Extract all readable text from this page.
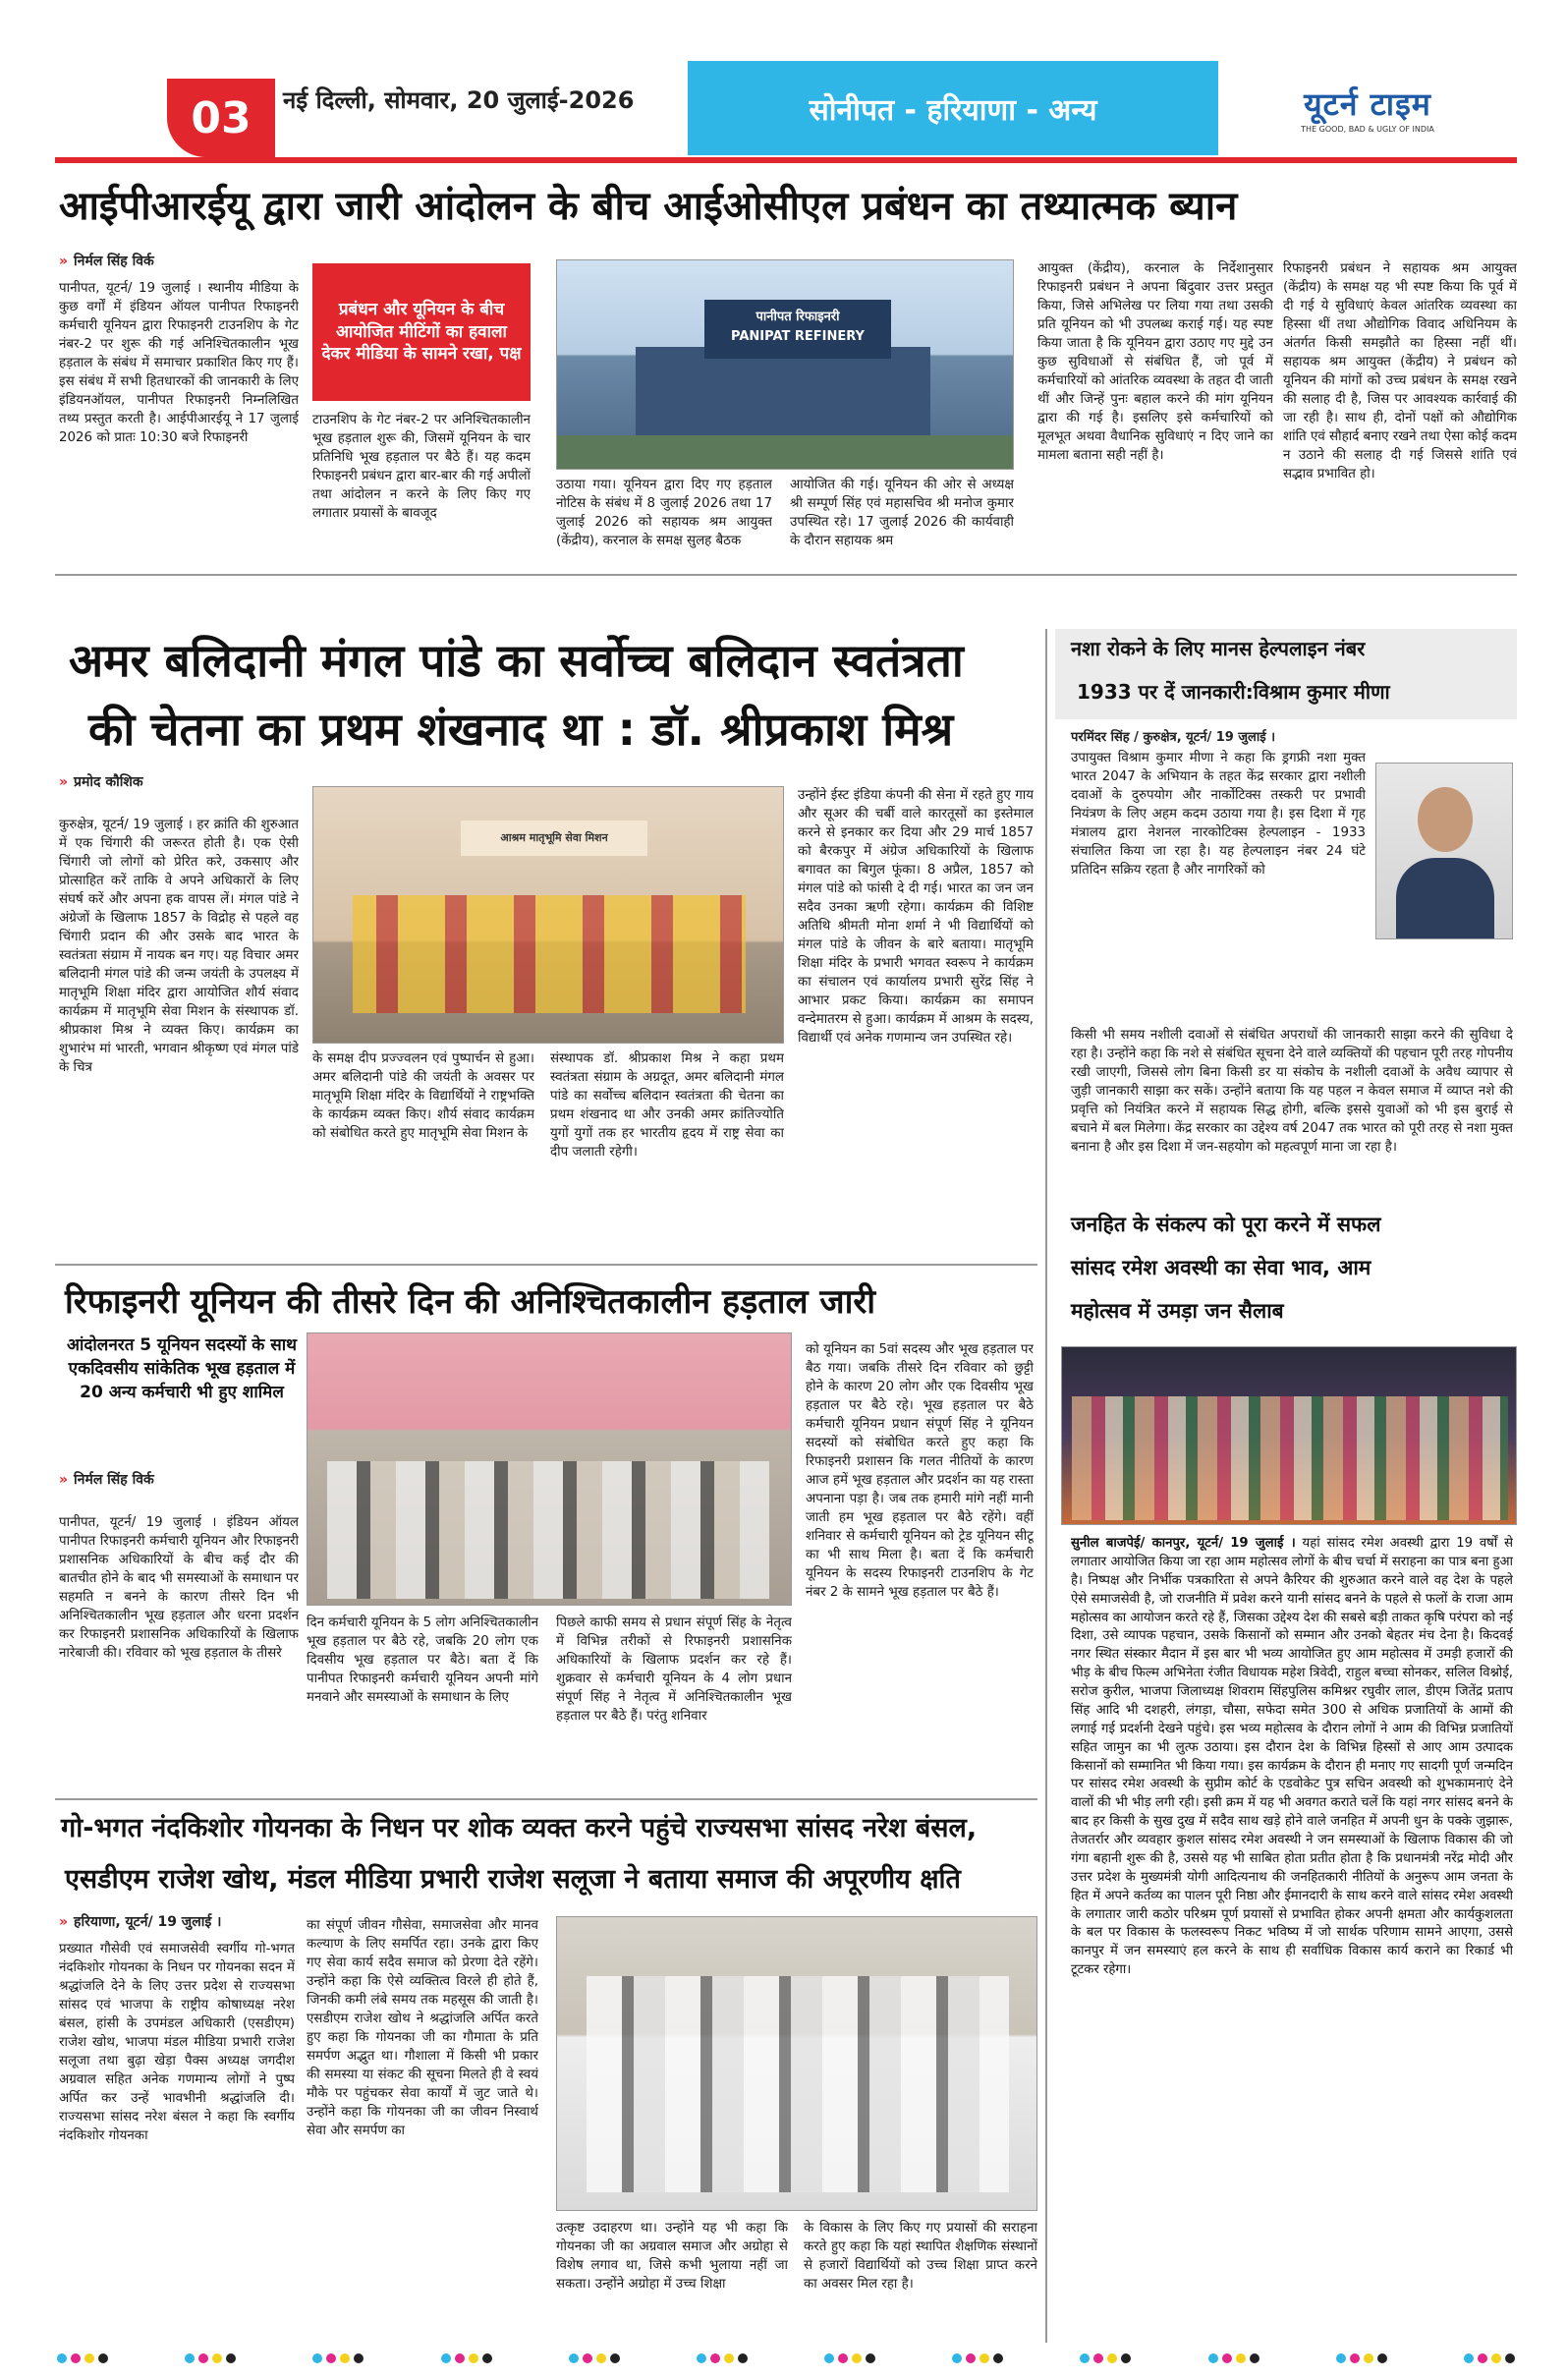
03	नई दिल्ली, सोमवार, 20 जुलाई-2026	सोनीपत - हरियाणा - अन्य	यूटर्न टाइम
THE GOOD, BAD & UGLY OF INDIA
आईपीआरईयू द्वारा जारी आंदोलन के बीच आईओसीएल प्रबंधन का तथ्यात्मक ब्यान
» निर्मल सिंह विर्क
पानीपत, यूटर्न/ 19 जुलाई । स्थानीय मीडिया के कुछ वर्गों में इंडियन ऑयल पानीपत रिफाइनरी कर्मचारी यूनियन द्वारा रिफाइनरी टाउनशिप के गेट नंबर-2 पर शुरू की गई अनिश्चितकालीन भूख हड़ताल के संबंध में समाचार प्रकाशित किए गए हैं। इस संबंध में सभी हितधारकों की जानकारी के लिए इंडियनऑयल, पानीपत रिफाइनरी निम्नलिखित तथ्य प्रस्तुत करती है। आईपीआरईयू ने 17 जुलाई 2026 को प्रातः 10:30 बजे रिफाइनरी
प्रबंधन और यूनियन के बीच आयोजित मीटिंगों का हवाला देकर मीडिया के सामने रखा, पक्ष
टाउनशिप के गेट नंबर-2 पर अनिश्चितकालीन भूख हड़ताल शुरू की, जिसमें यूनियन के चार प्रतिनिधि भूख हड़ताल पर बैठे हैं। यह कदम रिफाइनरी प्रबंधन द्वारा बार-बार की गई अपीलों तथा आंदोलन न करने के लिए किए गए लगातार प्रयासों के बावजूद
पानीपत रिफाइनरी
PANIPAT REFINERY
उठाया गया। यूनियन द्वारा दिए गए हड़ताल नोटिस के संबंध में 8 जुलाई 2026 तथा 17 जुलाई 2026 को सहायक श्रम आयुक्त (केंद्रीय), करनाल के समक्ष सुलह बैठक
आयोजित की गई। यूनियन की ओर से अध्यक्ष श्री सम्पूर्ण सिंह एवं महासचिव श्री मनोज कुमार उपस्थित रहे। 17 जुलाई 2026 की कार्यवाही के दौरान सहायक श्रम
आयुक्त (केंद्रीय), करनाल के निर्देशानुसार रिफाइनरी प्रबंधन ने अपना बिंदुवार उत्तर प्रस्तुत किया, जिसे अभिलेख पर लिया गया तथा उसकी प्रति यूनियन को भी उपलब्ध कराई गई। यह स्पष्ट किया जाता है कि यूनियन द्वारा उठाए गए मुद्दे उन कुछ सुविधाओं से संबंधित हैं, जो पूर्व में कर्मचारियों को आंतरिक व्यवस्था के तहत दी जाती थीं और जिन्हें पुनः बहाल करने की मांग यूनियन द्वारा की गई है। इसलिए इसे कर्मचारियों को मूलभूत अथवा वैधानिक सुविधाएं न दिए जाने का मामला बताना सही नहीं है।
रिफाइनरी प्रबंधन ने सहायक श्रम आयुक्त (केंद्रीय) के समक्ष यह भी स्पष्ट किया कि पूर्व में दी गई ये सुविधाएं केवल आंतरिक व्यवस्था का हिस्सा थीं तथा औद्योगिक विवाद अधिनियम के अंतर्गत किसी समझौते का हिस्सा नहीं थीं। सहायक श्रम आयुक्त (केंद्रीय) ने प्रबंधन को यूनियन की मांगों को उच्च प्रबंधन के समक्ष रखने की सलाह दी है, जिस पर आवश्यक कार्रवाई की जा रही है। साथ ही, दोनों पक्षों को औद्योगिक शांति एवं सौहार्द बनाए रखने तथा ऐसा कोई कदम न उठाने की सलाह दी गई जिससे शांति एवं सद्भाव प्रभावित हो।
अमर बलिदानी मंगल पांडे का सर्वोच्च बलिदान स्वतंत्रता
की चेतना का प्रथम शंखनाद था : डॉ. श्रीप्रकाश मिश्र
» प्रमोद कौशिक
कुरुक्षेत्र, यूटर्न/ 19 जुलाई । हर क्रांति की शुरुआत में एक चिंगारी की जरूरत होती है। एक ऐसी चिंगारी जो लोगों को प्रेरित करे, उकसाए और प्रोत्साहित करें ताकि वे अपने अधिकारों के लिए संघर्ष करें और अपना हक वापस लें। मंगल पांडे ने अंग्रेजों के खिलाफ 1857 के विद्रोह से पहले वह चिंगारी प्रदान की और उसके बाद भारत के स्वतंत्रता संग्राम में नायक बन गए। यह विचार अमर बलिदानी मंगल पांडे की जन्म जयंती के उपलक्ष्य में मातृभूमि शिक्षा मंदिर द्वारा आयोजित शौर्य संवाद कार्यक्रम में मातृभूमि सेवा मिशन के संस्थापक डॉ. श्रीप्रकाश मिश्र ने व्यक्त किए। कार्यक्रम का शुभारंभ मां भारती, भगवान श्रीकृष्ण एवं मंगल पांडे के चित्र
आश्रम मातृभूमि सेवा मिशन
के समक्ष दीप प्रज्ज्वलन एवं पुष्पार्चन से हुआ। अमर बलिदानी पांडे की जयंती के अवसर पर मातृभूमि शिक्षा मंदिर के विद्यार्थियों ने राष्ट्रभक्ति के कार्यक्रम व्यक्त किए। शौर्य संवाद कार्यक्रम को संबोधित करते हुए मातृभूमि सेवा मिशन के
संस्थापक डॉ. श्रीप्रकाश मिश्र ने कहा प्रथम स्वतंत्रता संग्राम के अग्रदूत, अमर बलिदानी मंगल पांडे का सर्वोच्च बलिदान स्वतंत्रता की चेतना का प्रथम शंखनाद था और उनकी अमर क्रांतिज्योति युगों युगों तक हर भारतीय हृदय में राष्ट्र सेवा का दीप जलाती रहेगी।
उन्होंने ईस्ट इंडिया कंपनी की सेना में रहते हुए गाय और सूअर की चर्बी वाले कारतूसों का इस्तेमाल करने से इनकार कर दिया और 29 मार्च 1857 को बैरकपुर में अंग्रेज अधिकारियों के खिलाफ बगावत का बिगुल फूंका। 8 अप्रैल, 1857 को मंगल पांडे को फांसी दे दी गई। भारत का जन जन सदैव उनका ऋणी रहेगा। कार्यक्रम की विशिष्ट अतिथि श्रीमती मोना शर्मा ने भी विद्यार्थियों को मंगल पांडे के जीवन के बारे बताया। मातृभूमि शिक्षा मंदिर के प्रभारी भगवत स्वरूप ने कार्यक्रम का संचालन एवं कार्यालय प्रभारी सुरेंद्र सिंह ने आभार प्रकट किया। कार्यक्रम का समापन वन्देमातरम से हुआ। कार्यक्रम में आश्रम के सदस्य, विद्यार्थी एवं अनेक गणमान्य जन उपस्थित रहे।
रिफाइनरी यूनियन की तीसरे दिन की अनिश्चितकालीन हड़ताल जारी
आंदोलनरत 5 यूनियन सदस्यों के साथ एकदिवसीय सांकेतिक भूख हड़ताल में 20 अन्य कर्मचारी भी हुए शामिल
» निर्मल सिंह विर्क
पानीपत, यूटर्न/ 19 जुलाई । इंडियन ऑयल पानीपत रिफाइनरी कर्मचारी यूनियन और रिफाइनरी प्रशासनिक अधिकारियों के बीच कई दौर की बातचीत होने के बाद भी समस्याओं के समाधान पर सहमति न बनने के कारण तीसरे दिन भी अनिश्चितकालीन भूख हड़ताल और धरना प्रदर्शन कर रिफाइनरी प्रशासनिक अधिकारियों के खिलाफ नारेबाजी की। रविवार को भूख हड़ताल के तीसरे
दिन कर्मचारी यूनियन के 5 लोग अनिश्चितकालीन भूख हड़ताल पर बैठे रहे, जबकि 20 लोग एक दिवसीय भूख हड़ताल पर बैठे। बता दें कि पानीपत रिफाइनरी कर्मचारी यूनियन अपनी मांगे मनवाने और समस्याओं के समाधान के लिए
पिछले काफी समय से प्रधान संपूर्ण सिंह के नेतृत्व में विभिन्न तरीकों से रिफाइनरी प्रशासनिक अधिकारियों के खिलाफ प्रदर्शन कर रहे हैं। शुक्रवार से कर्मचारी यूनियन के 4 लोग प्रधान संपूर्ण सिंह ने नेतृत्व में अनिश्चितकालीन भूख हड़ताल पर बैठे हैं। परंतु शनिवार
को यूनियन का 5वां सदस्य और भूख हड़ताल पर बैठ गया। जबकि तीसरे दिन रविवार को छुट्टी होने के कारण 20 लोग और एक दिवसीय भूख हड़ताल पर बैठे रहे। भूख हड़ताल पर बैठे कर्मचारी यूनियन प्रधान संपूर्ण सिंह ने यूनियन सदस्यों को संबोधित करते हुए कहा कि रिफाइनरी प्रशासन कि गलत नीतियों के कारण आज हमें भूख हड़ताल और प्रदर्शन का यह रास्ता अपनाना पड़ा है। जब तक हमारी मांगे नहीं मानी जाती हम भूख हड़ताल पर बैठे रहेंगे। वहीं शनिवार से कर्मचारी यूनियन को ट्रेड यूनियन सीटू का भी साथ मिला है। बता दें कि कर्मचारी यूनियन के सदस्य रिफाइनरी टाउनशिप के गेट नंबर 2 के सामने भूख हड़ताल पर बैठे हैं।
गो-भगत नंदकिशोर गोयनका के निधन पर शोक व्यक्त करने पहुंचे राज्यसभा सांसद नरेश बंसल,
एसडीएम राजेश खोथ, मंडल मीडिया प्रभारी राजेश सलूजा ने बताया समाज की अपूरणीय क्षति
» हरियाणा, यूटर्न/ 19 जुलाई ।
प्रख्यात गौसेवी एवं समाजसेवी स्वर्गीय गो-भगत नंदकिशोर गोयनका के निधन पर गोयनका सदन में श्रद्धांजलि देने के लिए उत्तर प्रदेश से राज्यसभा सांसद एवं भाजपा के राष्ट्रीय कोषाध्यक्ष नरेश बंसल, हांसी के उपमंडल अधिकारी (एसडीएम) राजेश खोथ, भाजपा मंडल मीडिया प्रभारी राजेश सलूजा तथा बुढ़ा खेड़ा पैक्स अध्यक्ष जगदीश अग्रवाल सहित अनेक गणमान्य लोगों ने पुष्प अर्पित कर उन्हें भावभीनी श्रद्धांजलि दी। राज्यसभा सांसद नरेश बंसल ने कहा कि स्वर्गीय नंदकिशोर गोयनका
का संपूर्ण जीवन गौसेवा, समाजसेवा और मानव कल्याण के लिए समर्पित रहा। उनके द्वारा किए गए सेवा कार्य सदैव समाज को प्रेरणा देते रहेंगे। उन्होंने कहा कि ऐसे व्यक्तित्व विरले ही होते हैं, जिनकी कमी लंबे समय तक महसूस की जाती है। एसडीएम राजेश खोथ ने श्रद्धांजलि अर्पित करते हुए कहा कि गोयनका जी का गौमाता के प्रति समर्पण अद्भुत था। गौशाला में किसी भी प्रकार की समस्या या संकट की सूचना मिलते ही वे स्वयं मौके पर पहुंचकर सेवा कार्यों में जुट जाते थे। उन्होंने कहा कि गोयनका जी का जीवन निस्वार्थ सेवा और समर्पण का
उत्कृष्ट उदाहरण था। उन्होंने यह भी कहा कि गोयनका जी का अग्रवाल समाज और अग्रोहा से विशेष लगाव था, जिसे कभी भुलाया नहीं जा सकता। उन्होंने अग्रोहा में उच्च शिक्षा
के विकास के लिए किए गए प्रयासों की सराहना करते हुए कहा कि यहां स्थापित शैक्षणिक संस्थानों से हजारों विद्यार्थियों को उच्च शिक्षा प्राप्त करने का अवसर मिल रहा है।
नशा रोकने के लिए मानस हेल्पलाइन नंबर
1933 पर दें जानकारी:विश्राम कुमार मीणा
परमिंदर सिंह / कुरुक्षेत्र, यूटर्न/ 19 जुलाई ।
उपायुक्त विश्राम कुमार मीणा ने कहा कि ड्रगफ्री नशा मुक्त भारत 2047 के अभियान के तहत केंद्र सरकार द्वारा नशीली दवाओं के दुरुपयोग और नार्कोटिक्स तस्करी पर प्रभावी नियंत्रण के लिए अहम कदम उठाया गया है। इस दिशा में गृह मंत्रालय द्वारा नेशनल नारकोटिक्स हेल्पलाइन - 1933 संचालित किया जा रहा है। यह हेल्पलाइन नंबर 24 घंटे प्रतिदिन सक्रिय रहता है और नागरिकों को
किसी भी समय नशीली दवाओं से संबंधित अपराधों की जानकारी साझा करने की सुविधा दे रहा है। उन्होंने कहा कि नशे से संबंधित सूचना देने वाले व्यक्तियों की पहचान पूरी तरह गोपनीय रखी जाएगी, जिससे लोग बिना किसी डर या संकोच के नशीली दवाओं के अवैध व्यापार से जुड़ी जानकारी साझा कर सकें। उन्होंने बताया कि यह पहल न केवल समाज में व्याप्त नशे की प्रवृत्ति को नियंत्रित करने में सहायक सिद्ध होगी, बल्कि इससे युवाओं को भी इस बुराई से बचाने में बल मिलेगा। केंद्र सरकार का उद्देश्य वर्ष 2047 तक भारत को पूरी तरह से नशा मुक्त बनाना है और इस दिशा में जन-सहयोग को महत्वपूर्ण माना जा रहा है।
जनहित के संकल्प को पूरा करने में सफल
सांसद रमेश अवस्थी का सेवा भाव, आम
महोत्सव में उमड़ा जन सैलाब
सुनील बाजपेई/ कानपुर, यूटर्न/ 19 जुलाई । यहां सांसद रमेश अवस्थी द्वारा 19 वर्षों से लगातार आयोजित किया जा रहा आम महोत्सव लोगों के बीच चर्चा में सराहना का पात्र बना हुआ है। निष्पक्ष और निर्भीक पत्रकारिता से अपने कैरियर की शुरुआत करने वाले वह देश के पहले ऐसे समाजसेवी है, जो राजनीति में प्रवेश करने यानी सांसद बनने के पहले से फलों के राजा आम महोत्सव का आयोजन करते रहे हैं, जिसका उद्देश्य देश की सबसे बड़ी ताकत कृषि परंपरा को नई दिशा, उसे व्यापक पहचान, उसके किसानों को सम्मान और उनको बेहतर मंच देना है। किदवई नगर स्थित संस्कार मैदान में इस बार भी भव्य आयोजित हुए आम महोत्सव में उमड़ी हजारों की भीड़ के बीच फिल्म अभिनेता रंजीत विधायक महेश त्रिवेदी, राहुल बच्चा सोनकर, सलिल विश्नोई, सरोज कुरील, भाजपा जिलाध्यक्ष शिवराम सिंहपुलिस कमिश्नर रघुवीर लाल, डीएम जितेंद्र प्रताप सिंह आदि भी दशहरी, लंगड़ा, चौसा, सफेदा समेत 300 से अधिक प्रजातियों के आमों की लगाई गई प्रदर्शनी देखने पहुंचे। इस भव्य महोत्सव के दौरान लोगों ने आम की विभिन्न प्रजातियों सहित जामुन का भी लुत्फ उठाया। इस दौरान देश के विभिन्न हिस्सों से आए आम उत्पादक किसानों को सम्मानित भी किया गया। इस कार्यक्रम के दौरान ही मनाए गए सादगी पूर्ण जन्मदिन पर सांसद रमेश अवस्थी के सुप्रीम कोर्ट के एडवोकेट पुत्र सचिन अवस्थी को शुभकामनाएं देने वालों की भी भीड़ लगी रही। इसी क्रम में यह भी अवगत कराते चलें कि यहां नगर सांसद बनने के बाद हर किसी के सुख दुख में सदैव साथ खड़े होने वाले जनहित में अपनी धुन के पक्के जुझारू, तेजतर्रार और व्यवहार कुशल सांसद रमेश अवस्थी ने जन समस्याओं के खिलाफ विकास की जो गंगा बहानी शुरू की है, उससे यह भी साबित होता प्रतीत होता है कि प्रधानमंत्री नरेंद्र मोदी और उत्तर प्रदेश के मुख्यमंत्री योगी आदित्यनाथ की जनहितकारी नीतियों के अनुरूप आम जनता के हित में अपने कर्तव्य का पालन पूरी निष्ठा और ईमानदारी के साथ करने वाले सांसद रमेश अवस्थी के लगातार जारी कठोर परिश्रम पूर्ण प्रयासों से प्रभावित होकर अपनी क्षमता और कार्यकुशलता के बल पर विकास के फलस्वरूप निकट भविष्य में जो सार्थक परिणाम सामने आएगा, उससे कानपुर में जन समस्याएं हल करने के साथ ही सर्वाधिक विकास कार्य कराने का रिकार्ड भी टूटकर रहेगा।
